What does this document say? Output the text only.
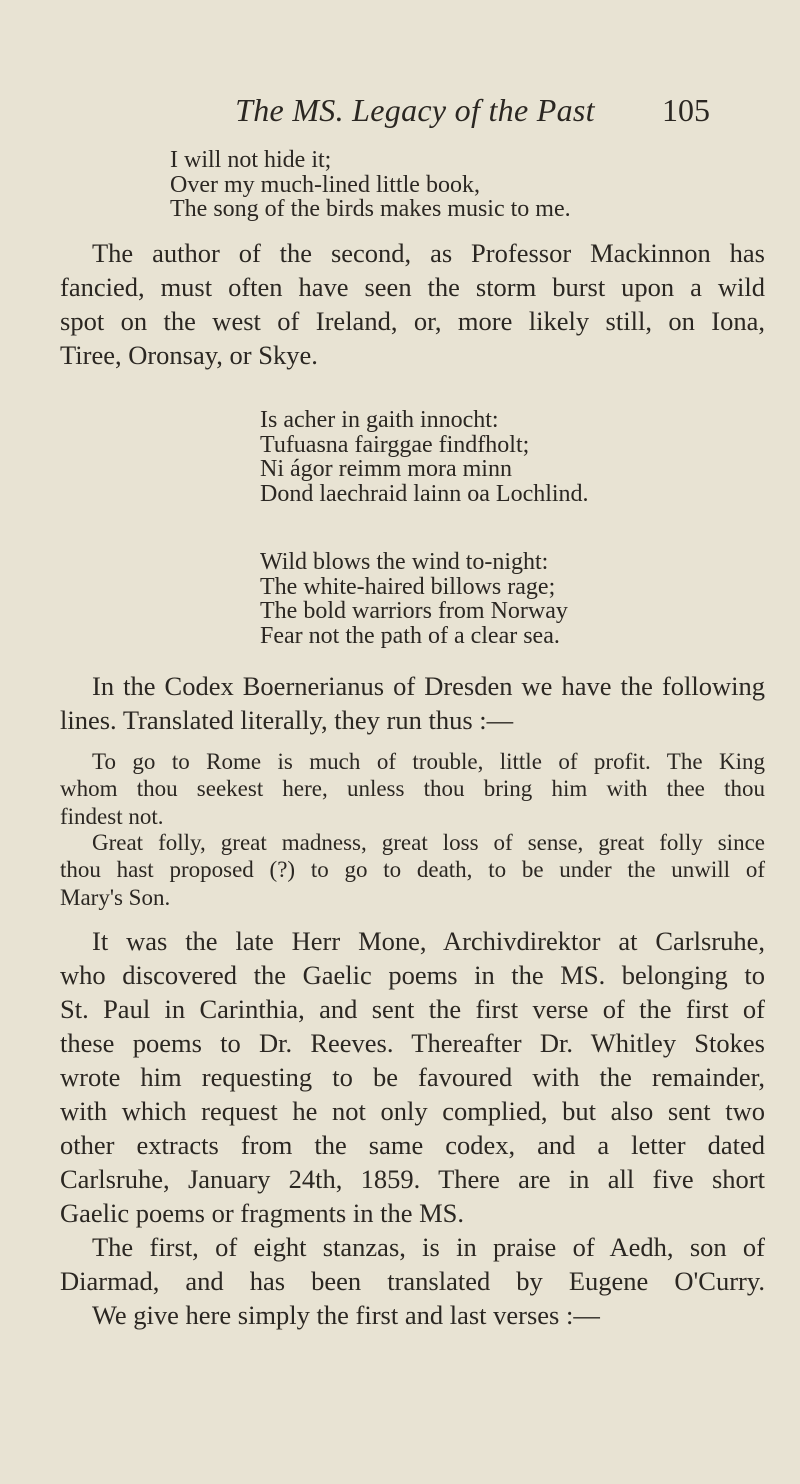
The MS. Legacy of the Past	105
I will not hide it;
Over my much-lined little book,
The song of the birds makes music to me.
The author of the second, as Professor Mackinnon has
fancied, must often have seen the storm burst upon a wild
spot on the west of Ireland, or, more likely still, on Iona,
Tiree, Oronsay, or Skye.
Is acher in gaith innocht:
Tufuasna fairggae findfholt;
Ni ágor reimm mora minn
Dond laechraid lainn oa Lochlind.
Wild blows the wind to-night:
The white-haired billows rage;
The bold warriors from Norway
Fear not the path of a clear sea.
In the Codex Boernerianus of Dresden we have the following
lines. Translated literally, they run thus :—
To go to Rome is much of trouble, little of profit. The King
whom thou seekest here, unless thou bring him with thee thou
findest not.
Great folly, great madness, great loss of sense, great folly since
thou hast proposed (?) to go to death, to be under the unwill of
Mary's Son.
It was the late Herr Mone, Archivdirektor at Carlsruhe,
who discovered the Gaelic poems in the MS. belonging to
St. Paul in Carinthia, and sent the first verse of the first of
these poems to Dr. Reeves. Thereafter Dr. Whitley Stokes
wrote him requesting to be favoured with the remainder,
with which request he not only complied, but also sent two
other extracts from the same codex, and a letter dated
Carlsruhe, January 24th, 1859. There are in all five short
Gaelic poems or fragments in the MS.
The first, of eight stanzas, is in praise of Aedh, son of
Diarmad, and has been translated by Eugene O'Curry.
We give here simply the first and last verses :—
